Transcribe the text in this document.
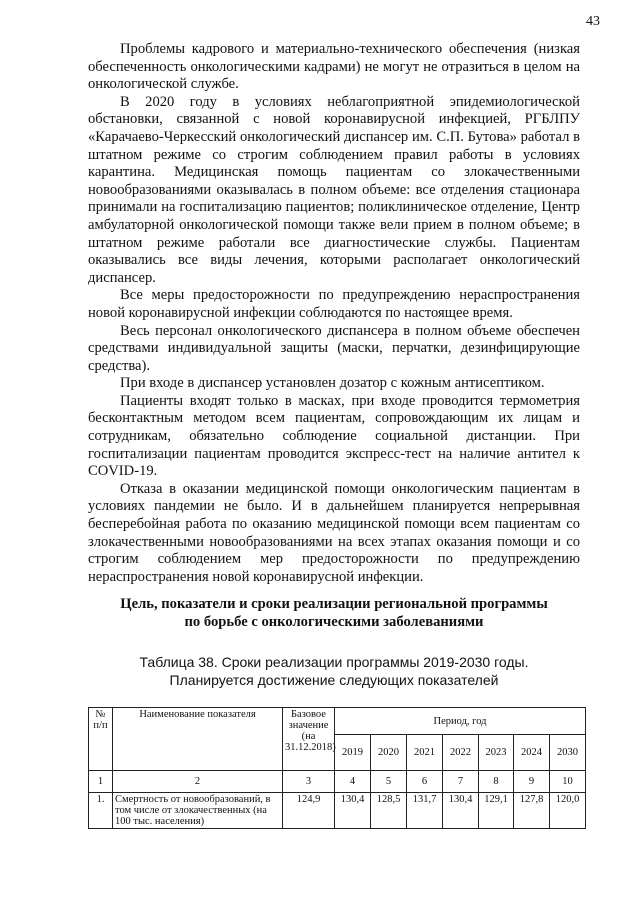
43

Проблемы кадрового и материально-технического обеспечения (низкая обеспеченность онкологическими кадрами) не могут не отразиться в целом на онкологической службе.

В 2020 году в условиях неблагоприятной эпидемиологической обстановки, связанной с новой коронавирусной инфекцией, РГБЛПУ «Карачаево-Черкесский онкологический диспансер им. С.П. Бутова» работал в штатном режиме со строгим соблюдением правил работы в условиях карантина. Медицинская помощь пациентам со злокачественными новообразованиями оказывалась в полном объеме: все отделения стационара принимали на госпитализацию пациентов; поликлиническое отделение, Центр амбулаторной онкологической помощи также вели прием в полном объеме; в штатном режиме работали все диагностические службы. Пациентам оказывались все виды лечения, которыми располагает онкологический диспансер.

Все меры предосторожности по предупреждению нераспространения новой коронавирусной инфекции соблюдаются по настоящее время.

Весь персонал онкологического диспансера в полном объеме обеспечен средствами индивидуальной защиты (маски, перчатки, дезинфицирующие средства).

При входе в диспансер установлен дозатор с кожным антисептиком.

Пациенты входят только в масках, при входе проводится термометрия бесконтактным методом всем пациентам, сопровождающим их лицам и сотрудникам, обязательно соблюдение социальной дистанции. При госпитализации пациентам проводится экспресс-тест на наличие антител к COVID-19.

Отказа в оказании медицинской помощи онкологическим пациентам в условиях пандемии не было. И в дальнейшем планируется непрерывная бесперебойная работа по оказанию медицинской помощи всем пациентам со злокачественными новообразованиями на всех этапах оказания помощи и со строгим соблюдением мер предосторожности по предупреждению нераспространения новой коронавирусной инфекции.

Цель, показатели и сроки реализации региональной программы
по борьбе с онкологическими заболеваниями
Таблица 38. Сроки реализации программы 2019-2030 годы.
Планируется достижение следующих показателей
№ п/п	Наименование показателя	Базовое значение (на 31.12.2018)	Период, год						
			2019	2020	2021	2022	2023	2024	2030
1	2	3	4	5	6	7	8	9	10
1.	Смертность от новообразований, в том числе от злокачественных (на 100 тыс. населения)	124,9	130,4	128,5	131,7	130,4	129,1	127,8	120,0
